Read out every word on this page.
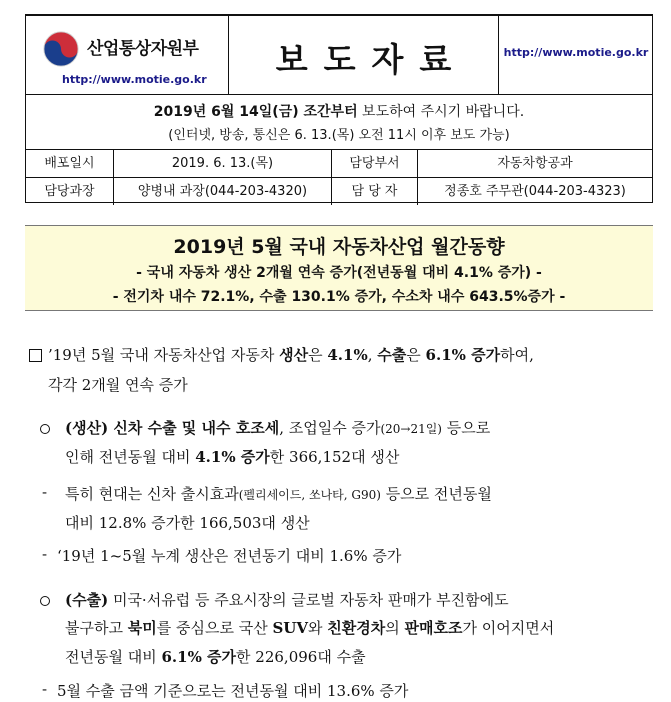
산업통상자원부
http://www.motie.go.kr
보도자료	http://www.motie.go.kr
2019년 6월 14일(금) 조간부터 보도하여 주시기 바랍니다.
(인터넷, 방송, 통신은 6. 13.(목) 오전 11시 이후 보도 가능)
배포일시	2019. 6. 13.(목)	담당부서	자동차항공과
담당과장	양병내 과장(044-203-4320)	담 당 자	정종호 주무관(044-203-4323)
2019년 5월 국내 자동차산업 월간동향
- 국내 자동차 생산 2개월 연속 증가(전년동월 대비 4.1% 증가) -
- 전기차 내수 72.1%, 수출 130.1% 증가, 수소차 내수 643.5%증가 -
’19년 5월 국내 자동차산업 자동차 생산은 4.1%, 수출은 6.1% 증가하여,
각각 2개월 연속 증가
(생산) 신차 수출 및 내수 호조세, 조업일수 증가(20→21일) 등으로
인해 전년동월 대비 4.1% 증가한 366,152대 생산
- 특히 현대는 신차 출시효과(펠리세이드, 쏘나타, G90) 등으로 전년동월
대비 12.8% 증가한 166,503대 생산
- ‘19년 1~5월 누계 생산은 전년동기 대비 1.6% 증가
(수출) 미국·서유럽 등 주요시장의 글로벌 자동차 판매가 부진함에도
불구하고 북미를 중심으로 국산 SUV와 친환경차의 판매호조가 이어지면서
전년동월 대비 6.1% 증가한 226,096대 수출
- 5월 수출 금액 기준으로는 전년동월 대비 13.6% 증가
